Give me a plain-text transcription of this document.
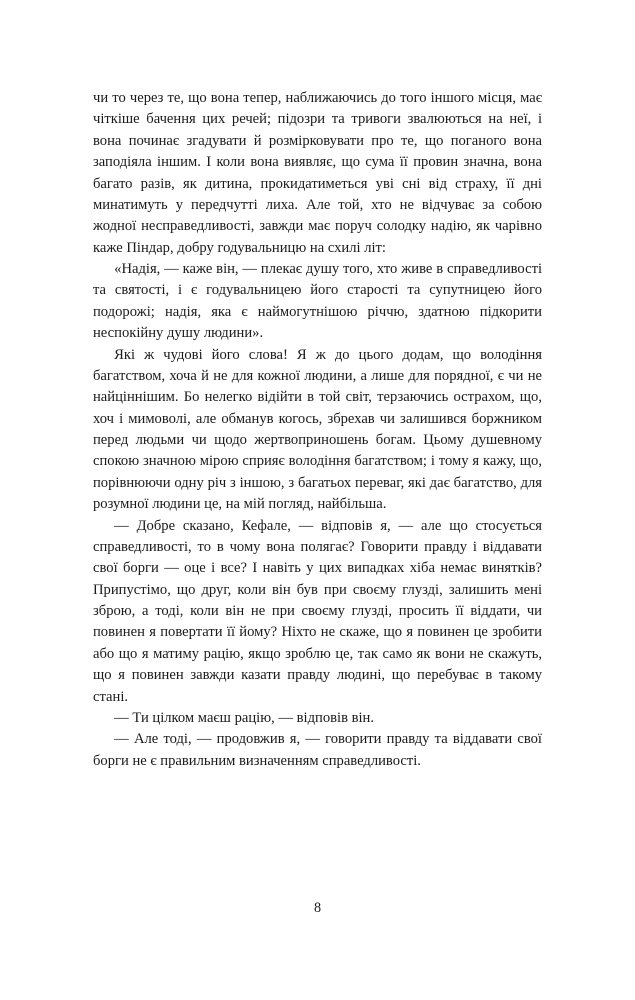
чи то через те, що вона тепер, наближаючись до того іншого місця, має чіткіше бачення цих речей; підозри та тривоги звалюються на неї, і вона починає згадувати й розмірковувати про те, що поганого вона заподіяла іншим. І коли вона виявляє, що сума її провин значна, вона багато разів, як дитина, прокидатиметься уві сні від страху, її дні минатимуть у передчутті лиха. Але той, хто не відчуває за собою жодної несправедливості, завжди має поруч солодку надію, як чарівно каже Піндар, добру годувальницю на схилі літ:

«Надія, — каже він, — плекає душу того, хто живе в справедливості та святості, і є годувальницею його старості та супутницею його подорожі; надія, яка є наймогутнішою річчю, здатною підкорити неспокійну душу людини».

Які ж чудові його слова! Я ж до цього додам, що володіння багатством, хоча й не для кожної людини, а лише для порядної, є чи не найціннішим. Бо нелегко відійти в той світ, терзаючись острахом, що, хоч і мимоволі, але обманув когось, збрехав чи залишився боржником перед людьми чи щодо жертвоприношень богам. Цьому душевному спокою значною мірою сприяє володіння багатством; і тому я кажу, що, порівнюючи одну річ з іншою, з багатьох переваг, які дає багатство, для розумної людини це, на мій погляд, найбільша.

— Добре сказано, Кефале, — відповів я, — але що стосується справедливості, то в чому вона полягає? Говорити правду і віддавати свої борги — оце і все? І навіть у цих випадках хіба немає винятків? Припустімо, що друг, коли він був при своєму глузді, залишить мені зброю, а тоді, коли він не при своєму глузді, просить її віддати, чи повинен я повертати її йому? Ніхто не скаже, що я повинен це зробити або що я матиму рацію, якщо зроблю це, так само як вони не скажуть, що я повинен завжди казати правду людині, що перебуває в такому стані.

— Ти цілком маєш рацію, — відповів він.

— Але тоді, — продовжив я, — говорити правду та віддавати свої борги не є правильним визначенням справедливості.

8
